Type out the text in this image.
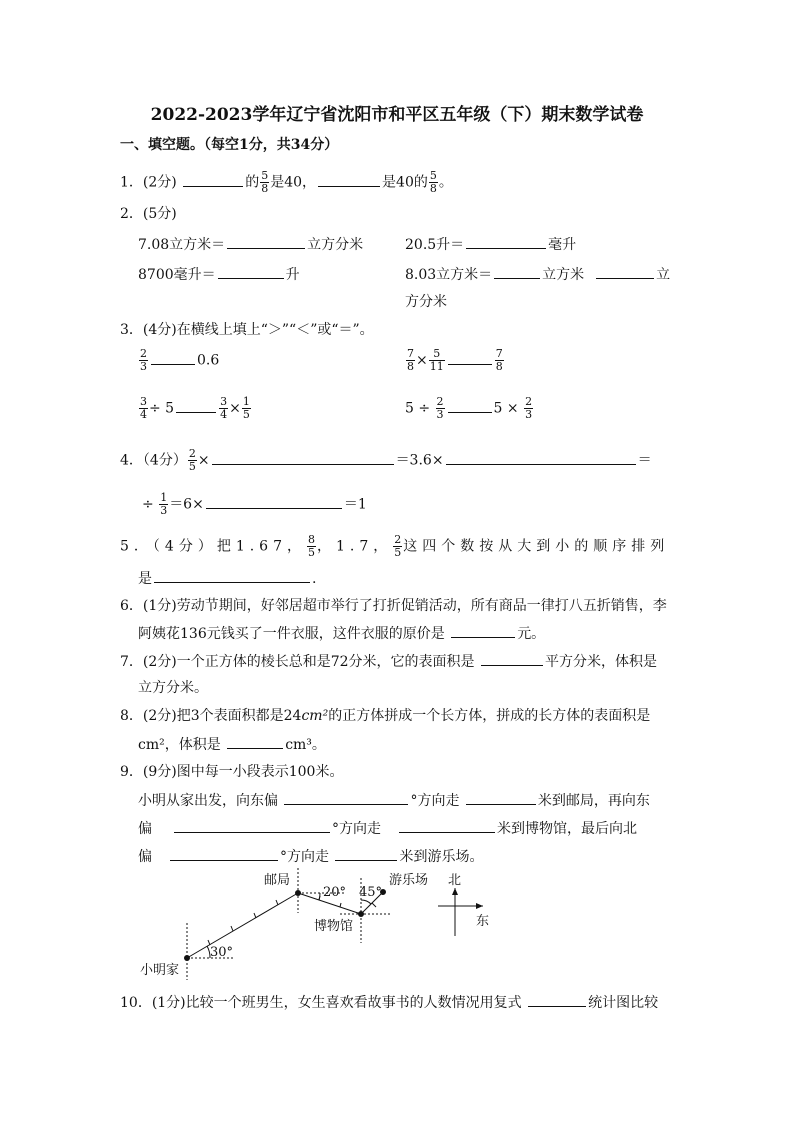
2022-2023学年辽宁省沈阳市和平区五年级（下）期末数学试卷
一、填空题。（每空1分，共34分）
1．(2分)	的 $\frac{5}{8}$ 是40，	是40的 $\frac{5}{8}$ 。
2．(5分)
7.08立方米＝	立方分米	20.5升＝	毫升
8700毫升＝	升	8.03立方米＝	立方米	立
方分米
3．(4分)在横线上填上“＞”“＜”或“＝”。
$\frac{2}{3}$	0.6	$\frac{7}{8} \times \frac{5}{11}$	$\frac{7}{8}$
$\frac{3}{4} \div 5$	$\frac{3}{4} \times \frac{1}{5}$	$5 \div \frac{2}{3}$	$5 \times \frac{2}{3}$
4．（4分） $\frac{2}{5}$ ×	＝3.6×	＝
÷ $\frac{1}{3} =6\times$	＝1
5．（4分）把1.67， $\frac{8}{5}$ ，1.7， $\frac{2}{5}$ 这四个数按从大到小的顺序排列
是	.
6．(1分)劳动节期间，好邻居超市举行了打折促销活动，所有商品一律打八五折销售，李
阿姨花136元钱买了一件衣服，这件衣服的原价是	元。
7．(2分)一个正方体的棱长总和是72分米，它的表面积是	平方分米，体积是
立方分米。
8．(2分)把3个表面积都是24cm²的正方体拼成一个长方体，拼成的长方体的表面积是
cm²，体积是	cm³。
9．(9分)图中每一小段表示100米。
小明从家出发，向东偏	°方向走	米到邮局，再向东
偏	°方向走	米到博物馆，最后向北
偏	°方向走	米到游乐场。
邮局	游乐场
博物馆
小明家
20° 45°
30°
北
东
10．(1分)比较一个班男生，女生喜欢看故事书的人数情况用复式	统计图比较
